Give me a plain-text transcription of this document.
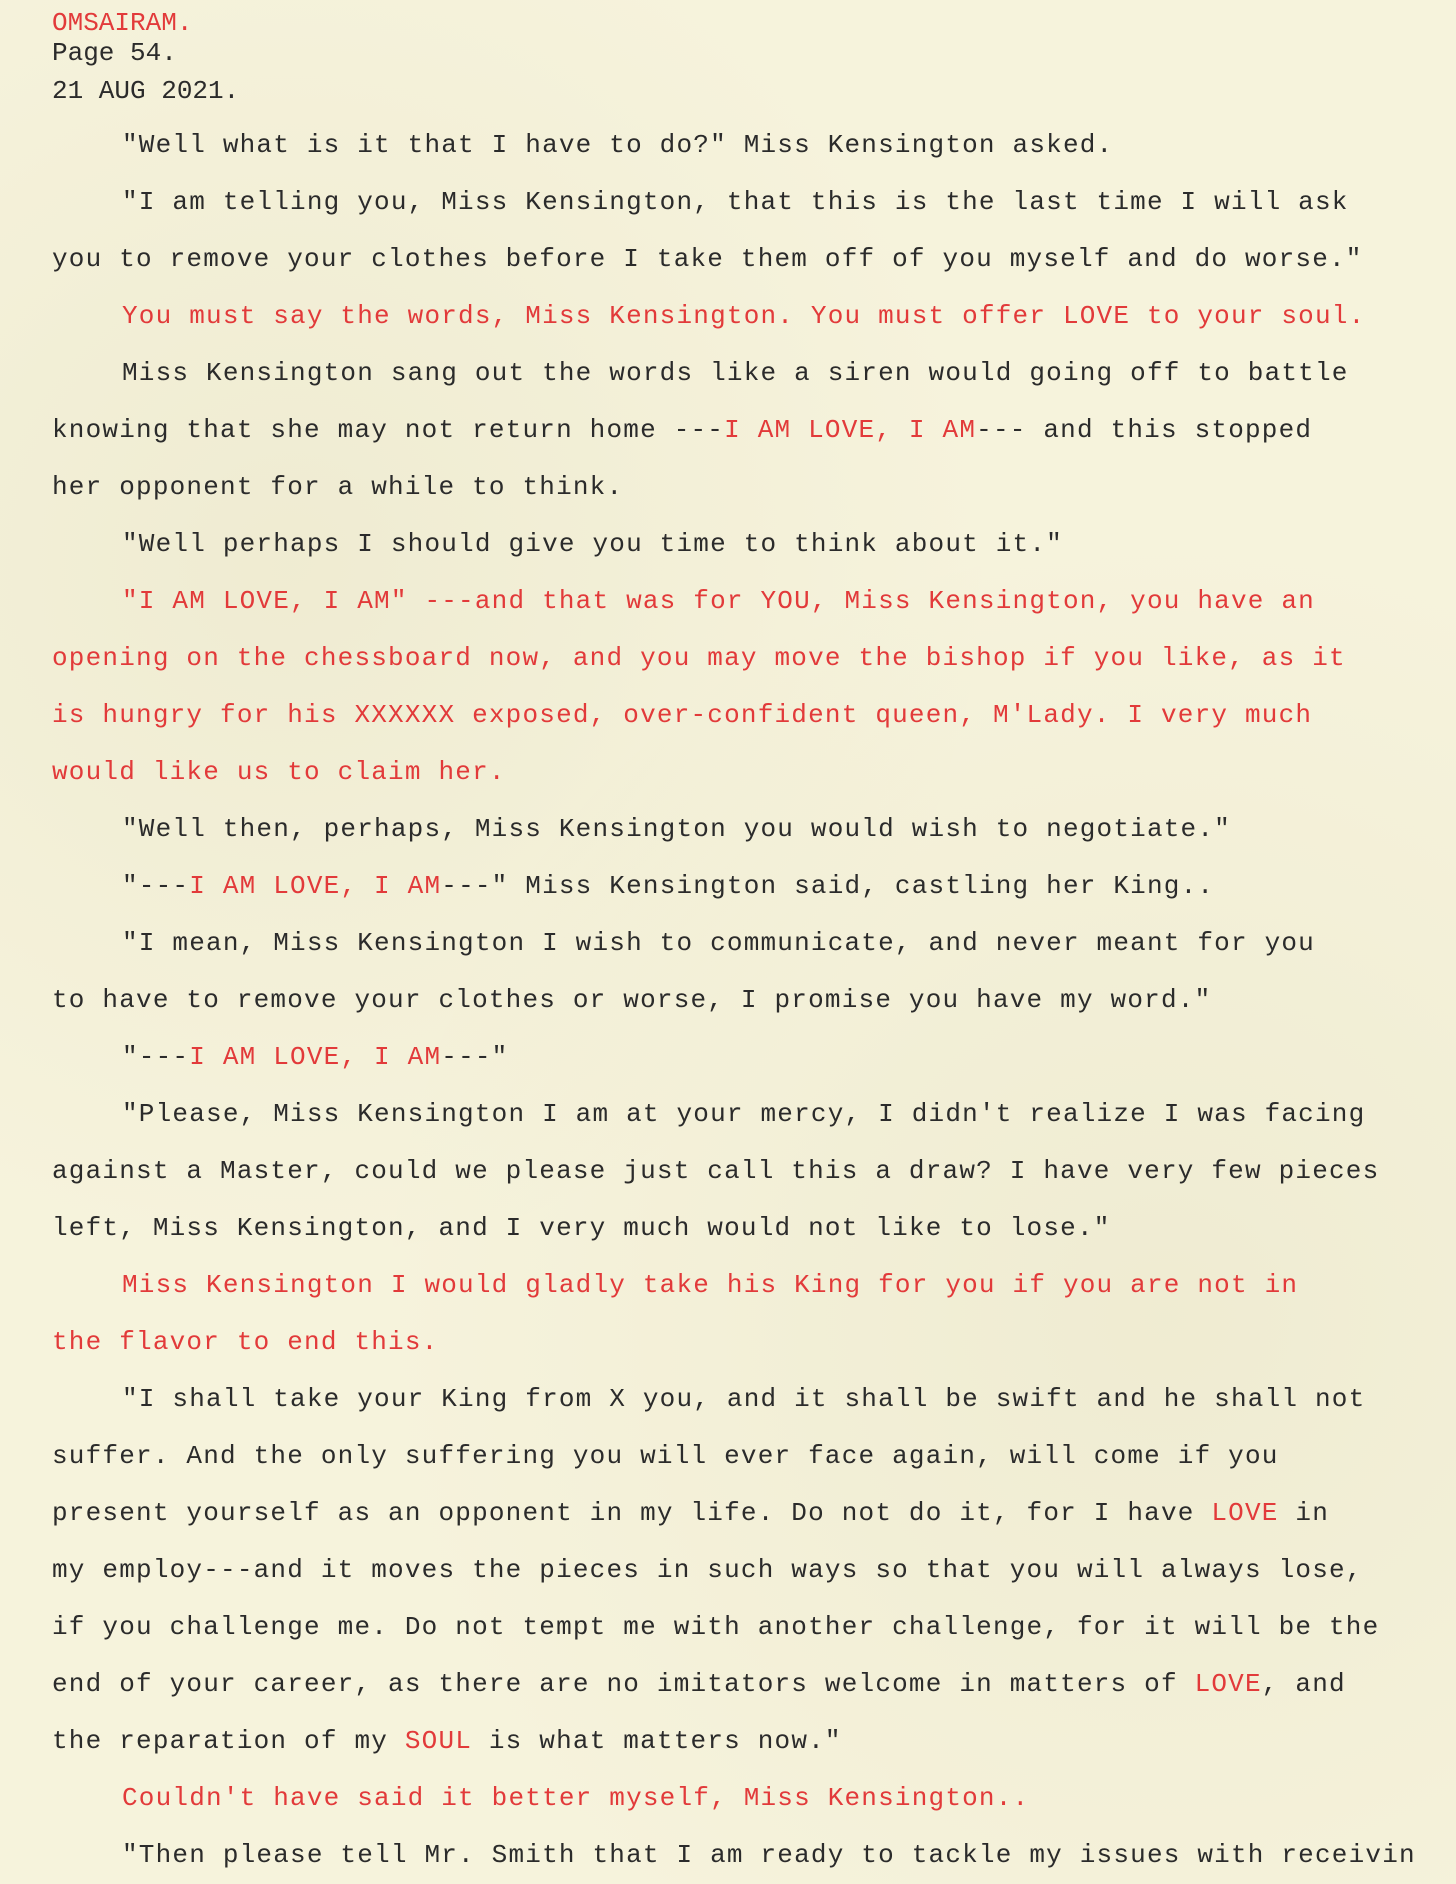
OMSAIRAM.
Page 54.
21 AUG 2021.
"Well what is it that I have to do?" Miss Kensington asked.
"I am telling you, Miss Kensington, that this is the last time I will ask
you to remove your clothes before I take them off of you myself and do worse."
You must say the words, Miss Kensington. You must offer LOVE to your soul.
Miss Kensington sang out the words like a siren would going off to battle
knowing that she may not return home ---I AM LOVE, I AM--- and this stopped
her opponent for a while to think.
"Well perhaps I should give you time to think about it."
"I AM LOVE, I AM" ---and that was for YOU, Miss Kensington, you have an
opening on the chessboard now, and you may move the bishop if you like, as it
is hungry for his XXXXXX exposed, over-confident queen, M'Lady. I very much
would like us to claim her.
"Well then, perhaps, Miss Kensington you would wish to negotiate."
"---I AM LOVE, I AM---" Miss Kensington said, castling her King..
"I mean, Miss Kensington I wish to communicate, and never meant for you
to have to remove your clothes or worse, I promise you have my word."
"---I AM LOVE, I AM---"
"Please, Miss Kensington I am at your mercy, I didn't realize I was facing
against a Master, could we please just call this a draw? I have very few pieces
left, Miss Kensington, and I very much would not like to lose."
Miss Kensington I would gladly take his King for you if you are not in
the flavor to end this.
"I shall take your King from X you, and it shall be swift and he shall not
suffer. And the only suffering you will ever face again, will come if you
present yourself as an opponent in my life. Do not do it, for I have LOVE in
my employ---and it moves the pieces in such ways so that you will always lose,
if you challenge me. Do not tempt me with another challenge, for it will be the
end of your career, as there are no imitators welcome in matters of LOVE, and
the reparation of my SOUL is what matters now."
Couldn't have said it better myself, Miss Kensington..
"Then please tell Mr. Smith that I am ready to tackle my issues with receivin
